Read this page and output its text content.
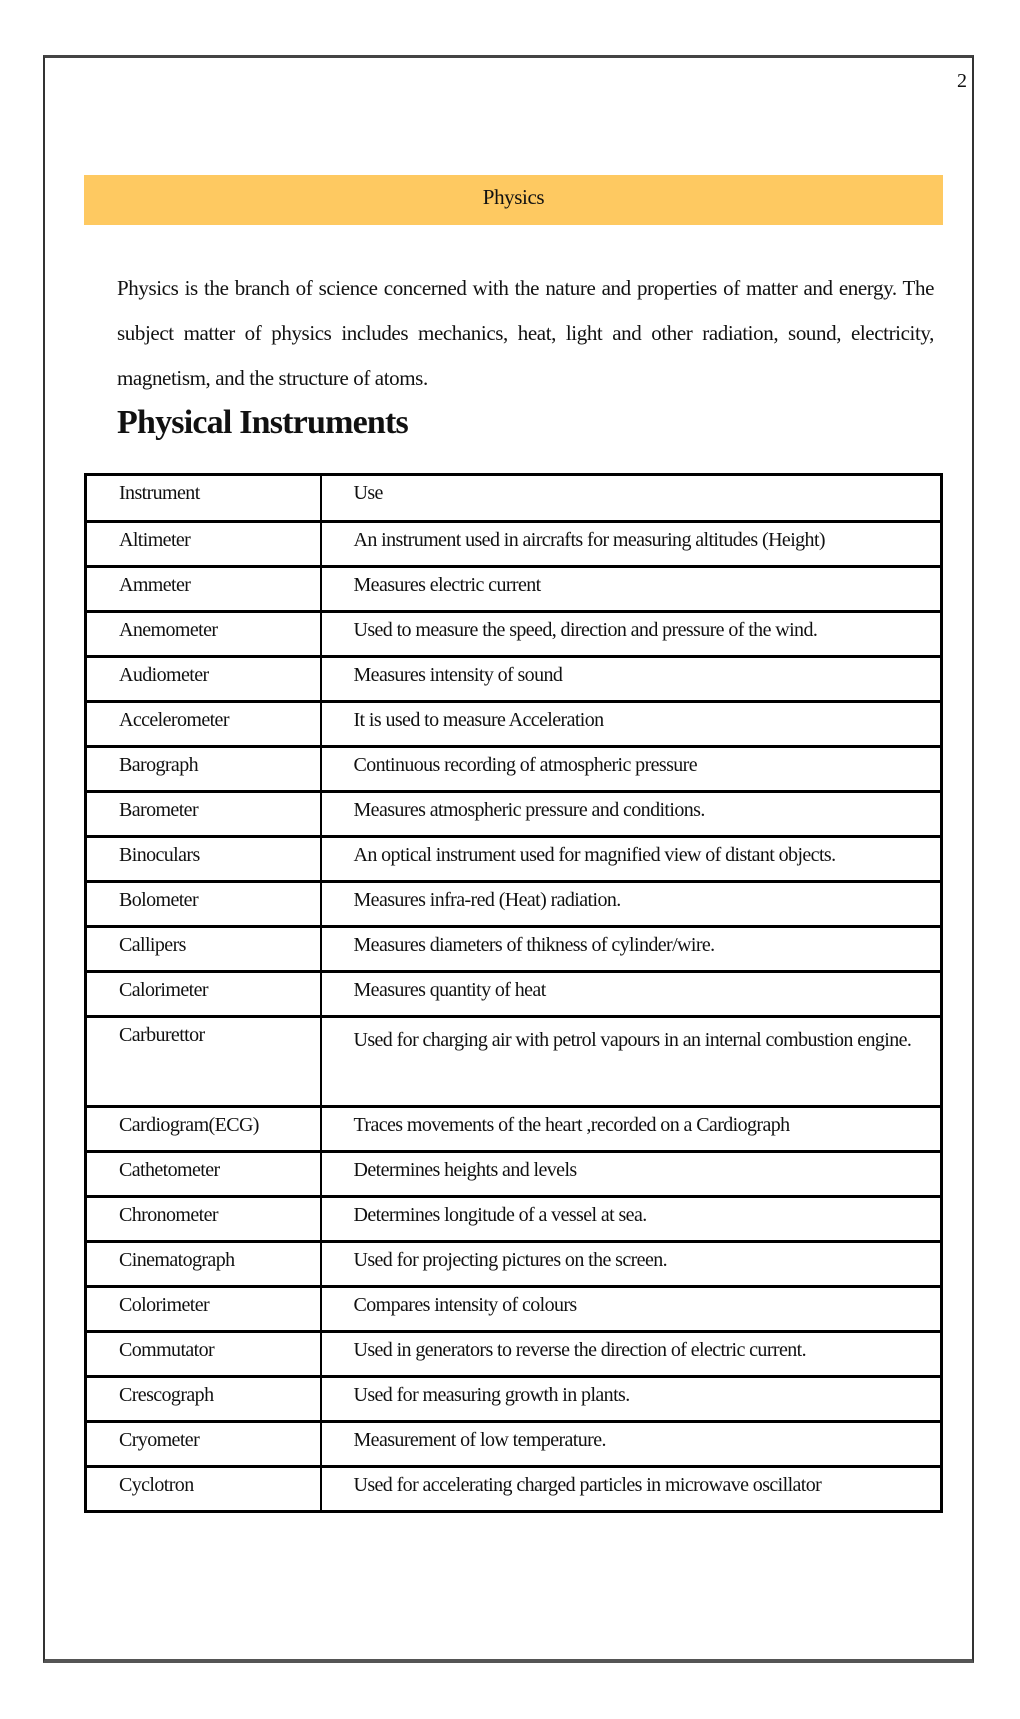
2
Physics
Physics is the branch of science concerned with the nature and properties of matter and energy. The subject matter of physics includes mechanics, heat, light and other radiation, sound, electricity, magnetism, and the structure of atoms.
Physical Instruments
Instrument	Use
Altimeter	An instrument used in aircrafts for measuring altitudes (Height)
Ammeter	Measures electric current
Anemometer	Used to measure the speed, direction and pressure of the wind.
Audiometer	Measures intensity of sound
Accelerometer	It is used to measure Acceleration
Barograph	Continuous recording of atmospheric pressure
Barometer	Measures atmospheric pressure and conditions.
Binoculars	An optical instrument used for magnified view of distant objects.
Bolometer	Measures infra-red (Heat) radiation.
Callipers	Measures diameters of thikness of cylinder/wire.
Calorimeter	Measures quantity of heat
Carburettor	Used for charging air with petrol vapours in an internal combustion engine.
Cardiogram(ECG)	Traces movements of the heart ,recorded on a Cardiograph
Cathetometer	Determines heights and levels
Chronometer	Determines longitude of a vessel at sea.
Cinematograph	Used for projecting pictures on the screen.
Colorimeter	Compares intensity of colours
Commutator	Used in generators to reverse the direction of electric current.
Crescograph	Used for measuring growth in plants.
Cryometer	Measurement of low temperature.
Cyclotron	Used for accelerating charged particles in microwave oscillator
